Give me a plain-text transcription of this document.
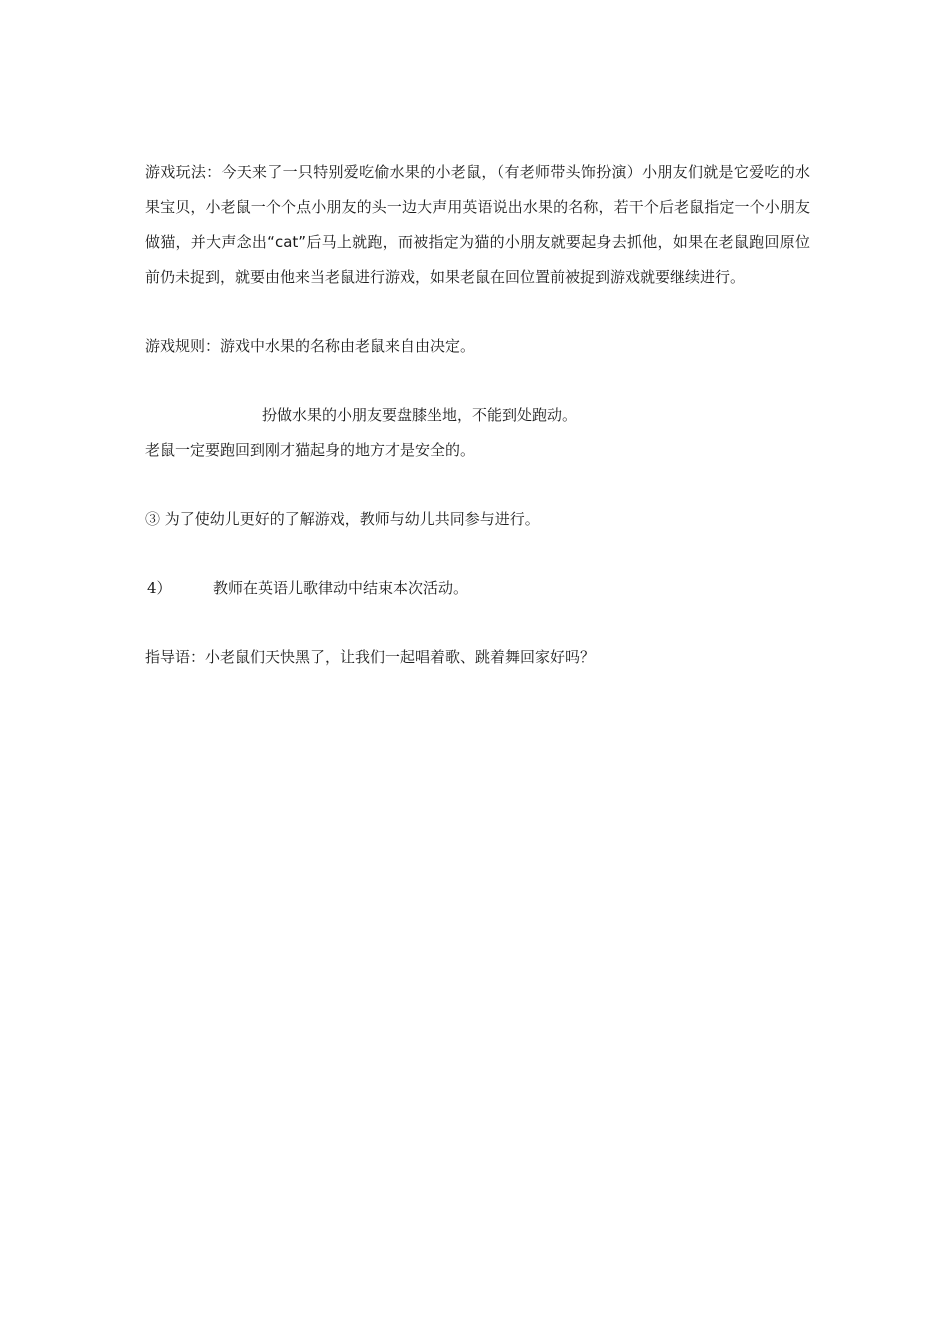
游戏玩法：今天来了一只特别爱吃偷水果的小老鼠，（有老师带头饰扮演）小朋友们就是它爱吃的水果宝贝，小老鼠一个个点小朋友的头一边大声用英语说出水果的名称，若干个后老鼠指定一个小朋友做猫，并大声念出“cat”后马上就跑，而被指定为猫的小朋友就要起身去抓他，如果在老鼠跑回原位前仍未捉到，就要由他来当老鼠进行游戏，如果老鼠在回位置前被捉到游戏就要继续进行。

游戏规则：游戏中水果的名称由老鼠来自由决定。

扮做水果的小朋友要盘膝坐地，不能到处跑动。

老鼠一定要跑回到刚才猫起身的地方才是安全的。

③ 为了使幼儿更好的了解游戏，教师与幼儿共同参与进行。

4）	教师在英语儿歌律动中结束本次活动。

指导语：小老鼠们天快黑了，让我们一起唱着歌、跳着舞回家好吗？
